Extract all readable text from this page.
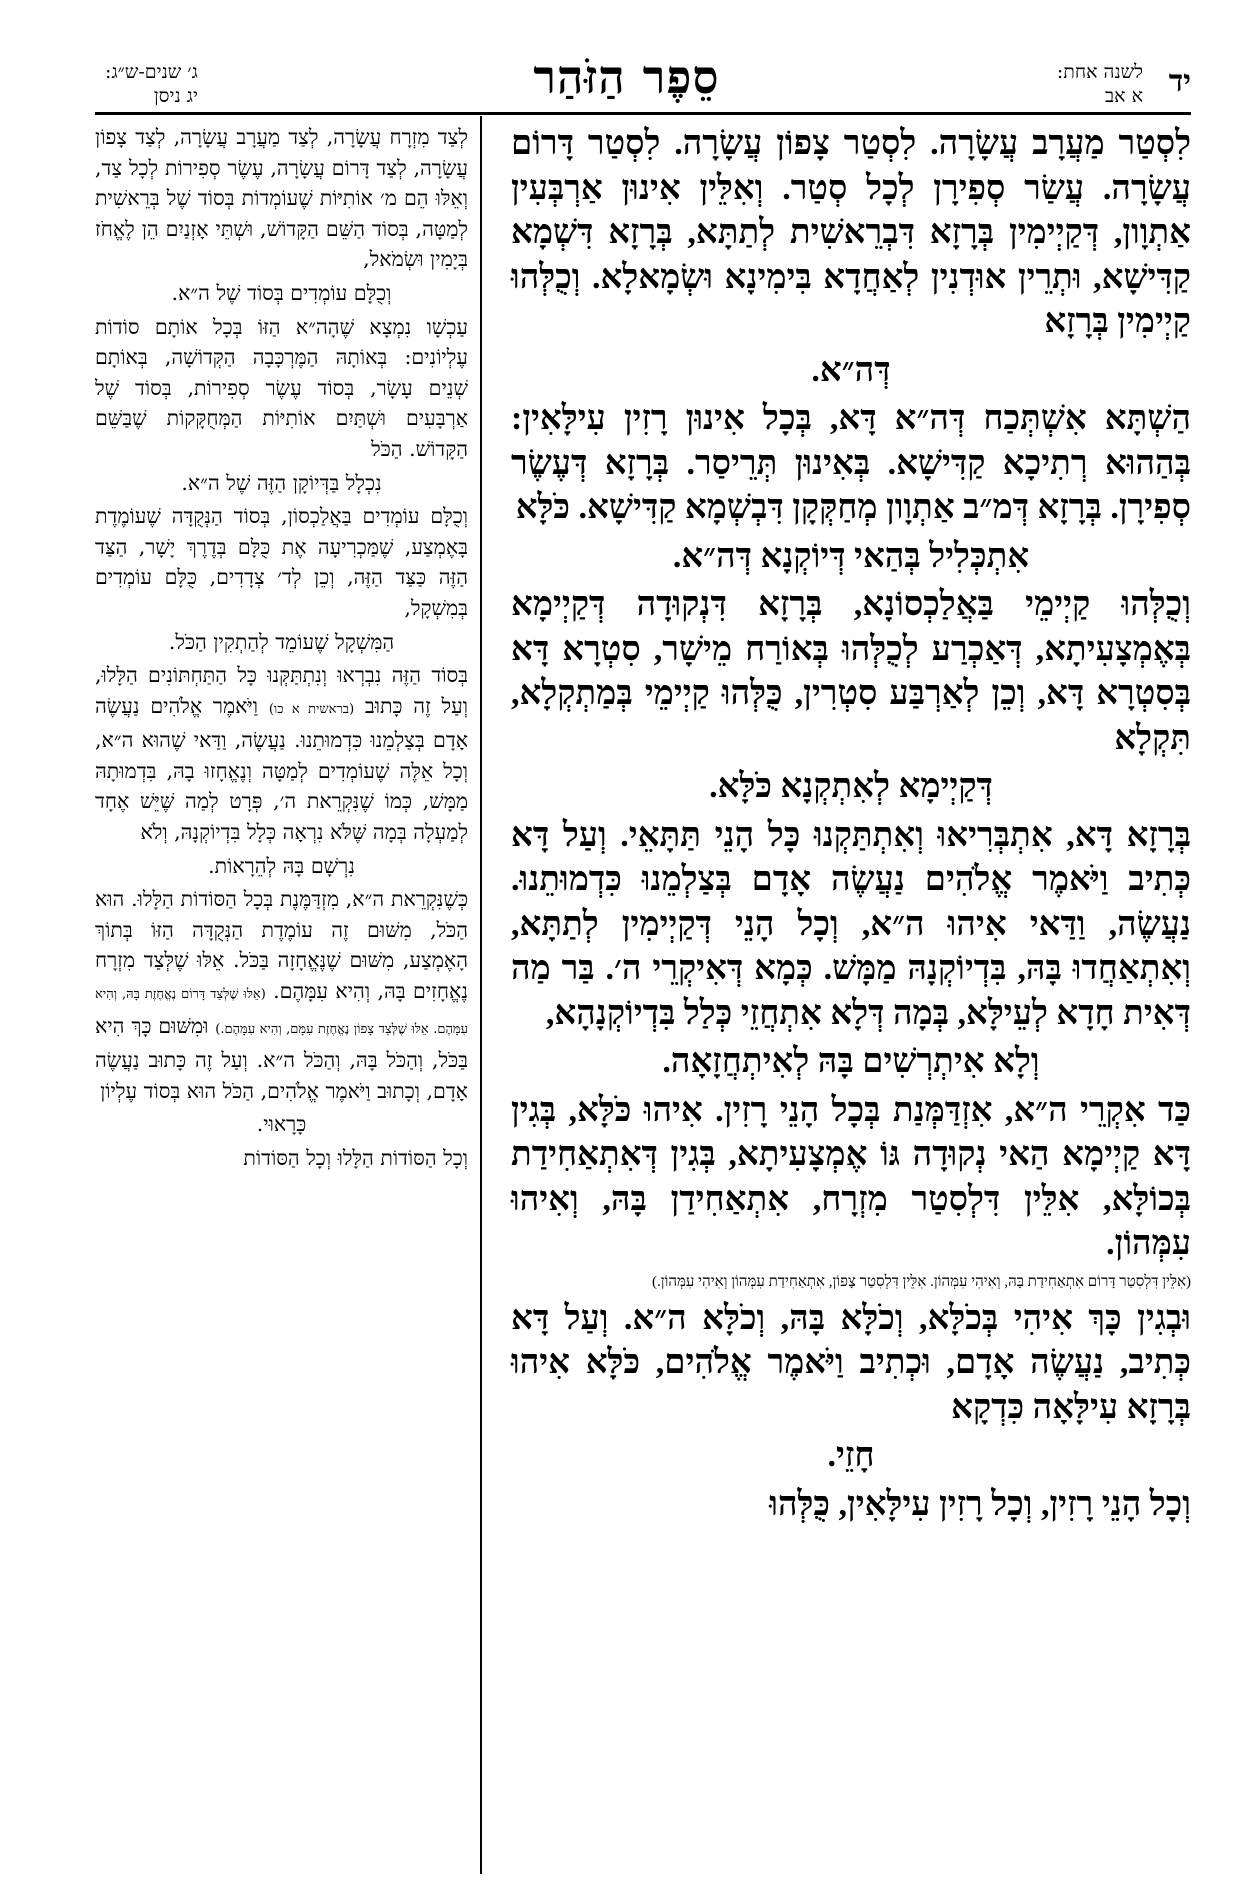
יד
לשנה אחת:
א אב
סֵפֶר הַזֹּהַר
ג׳ שנים-ש״ג:
יג ניסן

לִסְטַר מַעֲרָב עֲשָׂרָה. לִסְטַר צָפוֹן עֲשָׂרָה. לִסְטַר דָּרוֹם עֲשָׂרָה. עֲשַׂר סְפִירָן לְכָל סְטַר. וְאִלֵּין אִינוּן אַרְבְּעִין אַתְוָון, דְּקַיְימִין בְּרָזָא דִּבְרֵאשִׁית לְתַתָּא, בְּרָזָא דִּשְׁמָא קַדִּישָׁא, וּתְרֵין אוּדְנִין לְאַחֲדָא בִּימִינָא וּשְׂמָאלָא. וְכֻלְּהוּ קַיְימִין בְּרָזָא

דְּה״א.

הַשְׁתָּא אִשְׁתְּכַח דְּה״א דָּא, בְּכָל אִינוּן רָזִין עִילָּאִין: בְּהַהוּא רְתִיכָא קַדִּישָׁא. בְּאִינוּן תְּרֵיסַר. בְּרָזָא דְּעֶשֶׂר סְפִירָן. בְּרָזָא דְּמ״ב אַתְוָון מְחַקְּקָן דִּבְשְׁמָא קַדִּישָׁא. כֹּלָּא

אִתְכְּלִיל בְּהַאי דְּיוֹקְנָא דְּה״א.

וְכֻלְּהוּ קַיְימֵי בַּאֲלַכְסוֹנָא, בְּרָזָא דִּנְקוּדָה דְּקַיְימָא בְּאֶמְצָעִיתָא, דְּאַכְרַע לְכֻלְּהוּ בְּאוֹרַח מֵישָׁר, סִטְרָא דָּא בְּסִטְרָא דָּא, וְכֵן לְאַרְבַּע סִטְרִין, כֻּלְּהוּ קַיְימֵי בְּמַתְקְלָא, תִּקְלָא

דְּקַיְימָא לְאִתְקְנָא כֹּלָּא.

בְּרָזָא דָּא, אִתְבְּרִיאוּ וְאִתְתַּקְנוּ כָּל הָנֵי תַּתָּאֵי. וְעַל דָּא כְּתִיב וַיֹּאמֶר אֱלֹהִים נַעֲשֶׂה אָדָם בְּצַלְמֵנוּ כִּדְמוּתֵנוּ. נַעֲשֶׂה, וַדַּאי אִיהוּ ה״א, וְכָל הָנֵי דְּקַיְימִין לְתַתָּא, וְאִתְאַחֲדוּ בָּהּ, בִּדְיוֹקְנָהּ מַמָּשׁ. כְּמָא דְּאִיקְרֵי ה׳. בַּר מַה דְּאִית חָדָא לְעֵילָּא, בְּמָה דְּלָא אִתְחֲזֵי כְּלַל בִּדְיוֹקְנָהָא,

וְלָא אִיתְרְשִׁים בָּהּ לְאִיתְחֲזָאָה.

כַּד אִקְרֵי ה״א, אִזְדַּמְּנַת בְּכָל הָנֵי רָזִין. אִיהוּ כֹּלָּא, בְּגִין דָּא קַיְימָא הַאי נְקוּדָה גּוֹ אֶמְצָעִיתָא, בְּגִין דְּאִתְאַחִידַת בְּכוֹלָּא, אִלֵּין דִּלְסִטַר מִזְרָח, אִתְאַחִידַן בָּהּ, וְאִיהוּ עִמְּהוֹן.

(אִלֵּין דִּלְסִטַר דָּרוֹם אִתְאַחִידַת בָּהּ, וְאִיהִי עִמְּהוֹן. אִלֵּין דִּלְסִטַר צָפוֹן, אִתְאַחִידַת עִמְּהוֹן וְאִיהִי עִמְּהוֹן.)

וּבְגִין כָּךְ אִיהִי בְּכֹלָּא, וְכֹלָּא בָּהּ, וְכֹלָּא ה״א. וְעַל דָּא כְּתִיב, נַעֲשֶׂה אָדָם, וּכְתִיב וַיֹּאמֶר אֱלֹהִים, כֹּלָּא אִיהוּ בְּרָזָא עִילָּאָה כִּדְקָא

חָזֵי.

וְכָל הָנֵי רָזִין, וְכָל רָזִין עִילָּאִין, כֻּלְּהוּ

לְצַד מִזְרָח עֲשָׂרָה, לְצַד מַעֲרָב עֲשָׂרָה, לְצַד צָפוֹן עֲשָׂרָה, לְצַד דָּרוֹם עֲשָׂרָה, עֶשֶׂר סְפִירוֹת לְכָל צַד, וְאֵלּוּ הֵם מ׳ אוֹתִיּוֹת שֶׁעוֹמְדוֹת בְּסוֹד שֶׁל בְּרֵאשִׁית לְמַטָּה, בְּסוֹד הַשֵּׁם הַקָּדוֹשׁ, וּשְׁתֵּי אָזְנַיִם הֵן לֶאֱחֹז בְּיָמִין וּשְׂמֹאל,

וְכֻלָּם עוֹמְדִים בְּסוֹד שֶׁל ה״א.

עַכְשָׁו נִמְצָא שֶׁהָה״א הַזּוֹ בְּכָל אוֹתָם סוֹדוֹת עֶלְיוֹנִים: בְּאוֹתָהּ הַמֶּרְכָּבָה הַקְּדוֹשָׁה, בְּאוֹתָם שְׁנֵים עָשָׂר, בְּסוֹד עֶשֶׂר סְפִירוֹת, בְּסוֹד שֶׁל אַרְבָּעִים וּשְׁתַּיִם אוֹתִיּוֹת הַמְּחֻקָּקוֹת שֶׁבַּשֵּׁם הַקָּדוֹשׁ. הַכֹּל

נִכְלָל בַּדְּיוֹקָן הַזֶּה שֶׁל ה״א.

וְכֻלָּם עוֹמְדִים בַּאֲלַכְסוֹן, בְּסוֹד הַנְּקֻדָּה שֶׁעוֹמֶדֶת בָּאֶמְצַע, שֶׁמַּכְרִיעָה אֶת כֻּלָּם בְּדֶרֶךְ יָשָׁר, הַצַּד הַזֶּה כַּצַּד הַזֶּה, וְכֵן לְד׳ צְדָדִים, כֻּלָּם עוֹמְדִים בְּמִשְׁקָל,

הַמִּשְׁקָל שֶׁעוֹמֵד לְהַתְקִין הַכֹּל.

בְּסוֹד הַזֶּה נִבְרְאוּ וְנִתְתַּקְּנוּ כָּל הַתַּחְתּוֹנִים הַלָּלוּ, וְעַל זֶה כָּתוּב (בראשית א כו) וַיֹּאמֶר אֱלֹהִים נַעֲשֶׂה אָדָם בְּצַלְמֵנוּ כִּדְמוּתֵנוּ. נַעֲשֶׂה, וַדַּאי שֶׁהוּא ה״א, וְכָל אֵלֶּה שֶׁעוֹמְדִים לְמַטָּה וְנֶאֱחָזוּ בָהּ, בִּדְמוּתָהּ מַמָּשׁ, כְּמוֹ שֶׁנִּקְרֵאת ה׳, פְּרָט לְמַה שֶּׁיֵּשׁ אֶחָד לְמַעְלָה בְּמָה שֶּׁלֹּא נִרְאָה כְּלָל בִּדְיוֹקְנָהּ, וְלֹא

נִרְשָׁם בָּהּ לְהֵרָאוֹת.

כְּשֶׁנִּקְרֵאת ה״א, מִזְדַּמֶּנֶת בְּכָל הַסּוֹדוֹת הַלָּלוּ. הוּא הַכֹּל, מִשּׁוּם זֶה עוֹמֶדֶת הַנְּקֻדָּה הַזּוֹ בְּתוֹךְ הָאֶמְצַע, מִשּׁוּם שֶׁנֶּאֱחָזָה בַּכֹּל. אֵלּוּ שֶׁלְּצַד מִזְרָח נֶאֱחָזִים בָּהּ, וְהִיא עִמָּהֶם. (אֵלּוּ שֶׁלְּצַד דָּרוֹם נֶאֱחֶזֶת בָּהּ, וְהִיא עִמָּהֶם. אֵלּוּ שֶׁלְּצַד צָפוֹן נֶאֱחֶזֶת עִמָּם, וְהִיא עִמָּהֶם.) וּמִשּׁוּם כָּךְ הִיא בַּכֹּל, וְהַכֹּל בָּהּ, וְהַכֹּל ה״א. וְעַל זֶה כָּתוּב נַעֲשֶׂה אָדָם, וְכָתוּב וַיֹּאמֶר אֱלֹהִים, הַכֹּל הוּא בְּסוֹד עֶלְיוֹן

כָּרָאוּי.

וְכָל הַסּוֹדוֹת הַלָּלוּ וְכָל הַסּוֹדוֹת
